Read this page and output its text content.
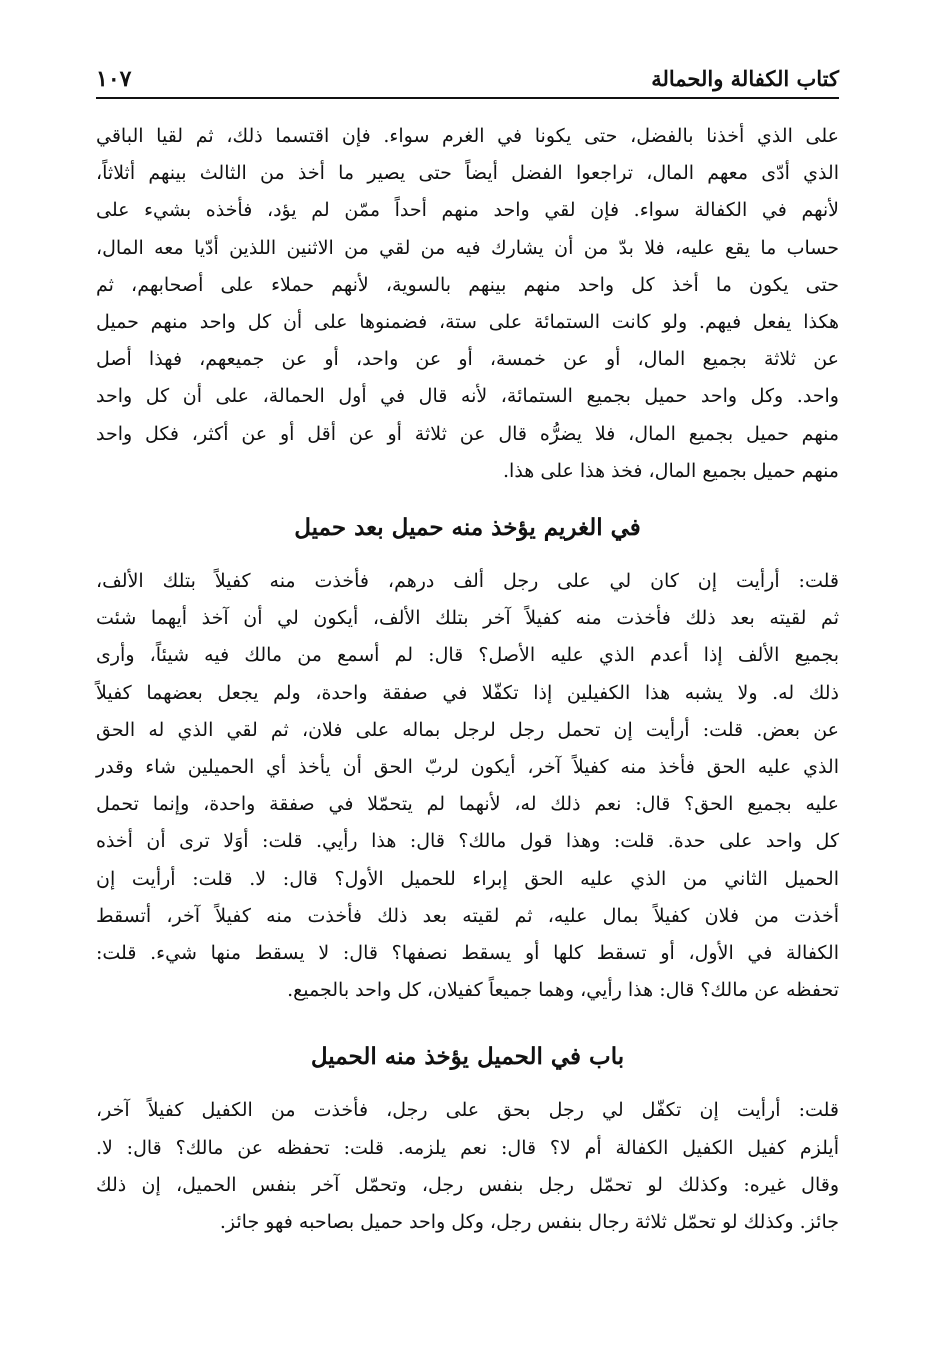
كتاب الكفالة والحمالة
١٠٧

على الذي أخذنا بالفضل، حتى يكونا في الغرم سواء. فإن اقتسما ذلك، ثم لقيا الباقي
الذي أدّى معهم المال، تراجعوا الفضل أيضاً حتى يصير ما أخذ من الثالث بينهم أثلاثاً،
لأنهم في الكفالة سواء. فإن لقي واحد منهم أحداً ممّن لم يؤد، فأخذه بشيء على
حساب ما يقع عليه، فلا بدّ من أن يشارك فيه من لقي من الاثنين اللذين أدّيا معه المال،
حتى يكون ما أخذ كل واحد منهم بينهم بالسوية، لأنهم حملاء على أصحابهم، ثم
هكذا يفعل فيهم. ولو كانت الستمائة على ستة، فضمنوها على أن كل واحد منهم حميل
عن ثلاثة بجميع المال، أو عن خمسة، أو عن واحد، أو عن جميعهم، فهذا أصل
واحد. وكل واحد حميل بجميع الستمائة، لأنه قال في أول الحمالة، على أن كل واحد
منهم حميل بجميع المال، فلا يضرُّه قال عن ثلاثة أو عن أقل أو عن أكثر، فكل واحد
منهم حميل بجميع المال، فخذ هذا على هذا.

في الغريم يؤخذ منه حميل بعد حميل

قلت: أرأيت إن كان لي على رجل ألف درهم، فأخذت منه كفيلاً بتلك الألف،
ثم لقيته بعد ذلك فأخذت منه كفيلاً آخر بتلك الألف، أيكون لي أن آخذ أيهما شئت
بجميع الألف إذا أعدم الذي عليه الأصل؟ قال: لم أسمع من مالك فيه شيئاً، وأرى
ذلك له. ولا يشبه هذا الكفيلين إذا تكفّلا في صفقة واحدة، ولم يجعل بعضهما كفيلاً
عن بعض. قلت: أرأيت إن تحمل رجل لرجل بماله على فلان، ثم لقي الذي له الحق
الذي عليه الحق فأخذ منه كفيلاً آخر، أيكون لربّ الحق أن يأخذ أي الحميلين شاء وقدر
عليه بجميع الحق؟ قال: نعم ذلك له، لأنهما لم يتحمّلا في صفقة واحدة، وإنما تحمل
كل واحد على حدة. قلت: وهذا قول مالك؟ قال: هذا رأيي. قلت: أوَلا ترى أن أخذه
الحميل الثاني من الذي عليه الحق إبراء للحميل الأول؟ قال: لا. قلت: أرأيت إن
أخذت من فلان كفيلاً بمال عليه، ثم لقيته بعد ذلك فأخذت منه كفيلاً آخر، أتسقط
الكفالة في الأول، أو تسقط كلها أو يسقط نصفها؟ قال: لا يسقط منها شيء. قلت:
تحفظه عن مالك؟ قال: هذا رأيي، وهما جميعاً كفيلان، كل واحد بالجميع.

باب في الحميل يؤخذ منه الحميل

قلت: أرأيت إن تكفّل لي رجل بحق على رجل، فأخذت من الكفيل كفيلاً آخر،
أيلزم كفيل الكفيل الكفالة أم لا؟ قال: نعم يلزمه. قلت: تحفظه عن مالك؟ قال: لا.
وقال غيره: وكذلك لو تحمّل رجل بنفس رجل، وتحمّل آخر بنفس الحميل، إن ذلك
جائز. وكذلك لو تحمّل ثلاثة رجال بنفس رجل، وكل واحد حميل بصاحبه فهو جائز.
